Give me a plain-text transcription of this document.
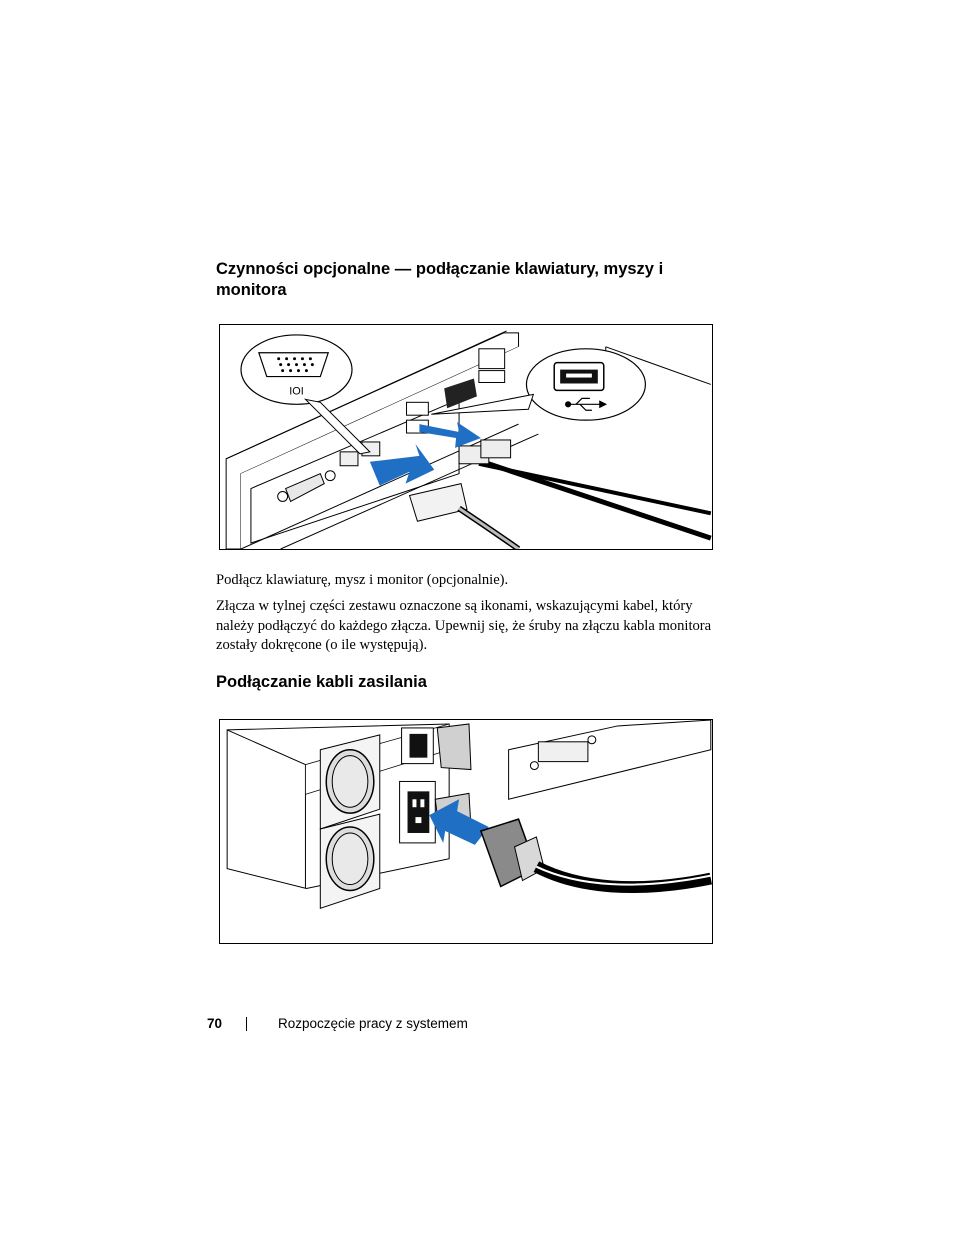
Czynności opcjonalne — podłączanie klawiatury, myszy i monitora
IOI

Podłącz klawiaturę, mysz i monitor (opcjonalnie).

Złącza w tylnej części zestawu oznaczone są ikonami, wskazującymi kabel, który należy podłączyć do każdego złącza. Upewnij się, że śruby na złączu kabla monitora zostały dokręcone (o ile występują).

Podłączanie kabli zasilania
70	Rozpoczęcie pracy z systemem
